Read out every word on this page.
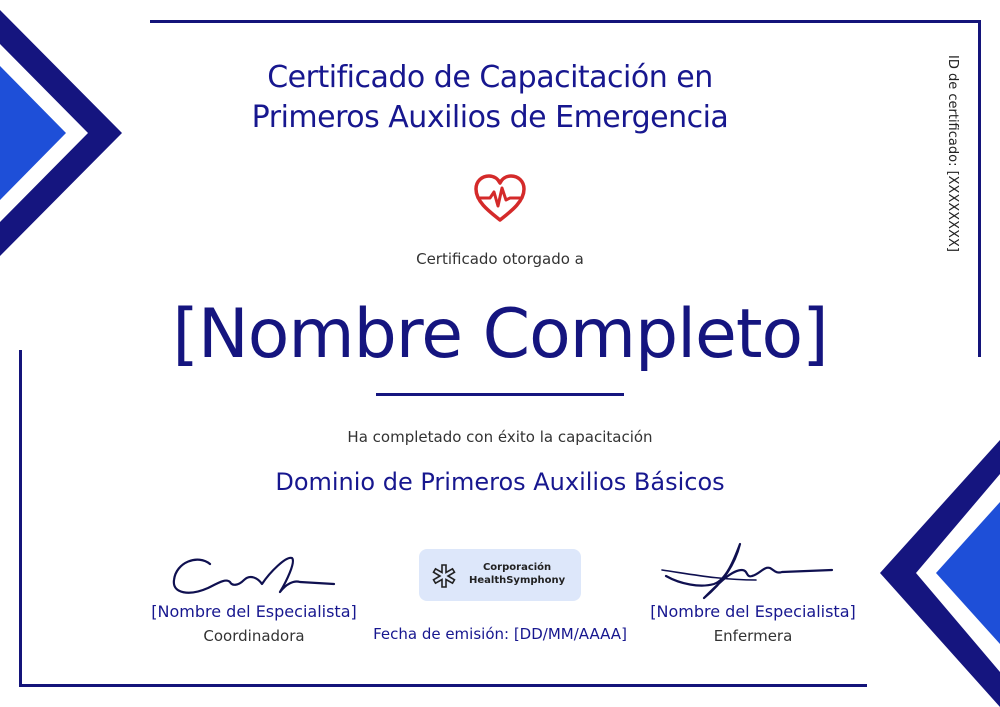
Certificado de Capacitación en
Primeros Auxilios de Emergencia
Certificado otorgado a
[Nombre Completo]
Ha completado con éxito la capacitación
Dominio de Primeros Auxilios Básicos
[Nombre del Especialista]
Coordinadora
Corporación
HealthSymphony
Fecha de emisión: [DD/MM/AAAA]
[Nombre del Especialista]
Enfermera
ID de certificado: [XXXXXXXX]
